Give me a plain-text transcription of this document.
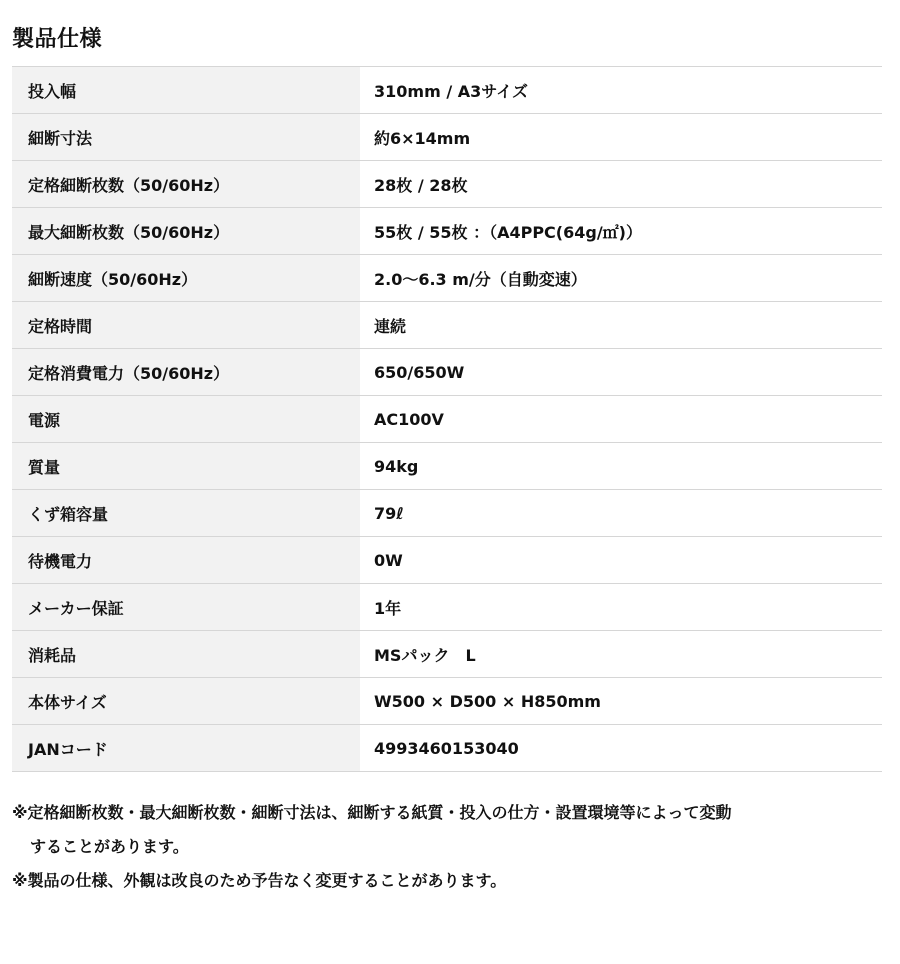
製品仕様
投入幅	310mm / A3サイズ
細断寸法	約6×14mm
定格細断枚数（50/60Hz）	28枚 / 28枚
最大細断枚数（50/60Hz）	55枚 / 55枚 ：（A4PPC(64g/㎡)）
細断速度（50/60Hz）	2.0〜6.3 m/分（自動変速）
定格時間	連続
定格消費電力（50/60Hz）	650/650W
電源	AC100V
質量	94kg
くず箱容量	79ℓ
待機電力	0W
メーカー保証	1年
消耗品	MSパック　L
本体サイズ	W500 × D500 × H850mm
JANコード	4993460153040

※定格細断枚数・最大細断枚数・細断寸法は、細断する紙質・投入の仕方・設置環境等によって変動

することがあります。

※製品の仕様、外観は改良のため予告なく変更することがあります。
